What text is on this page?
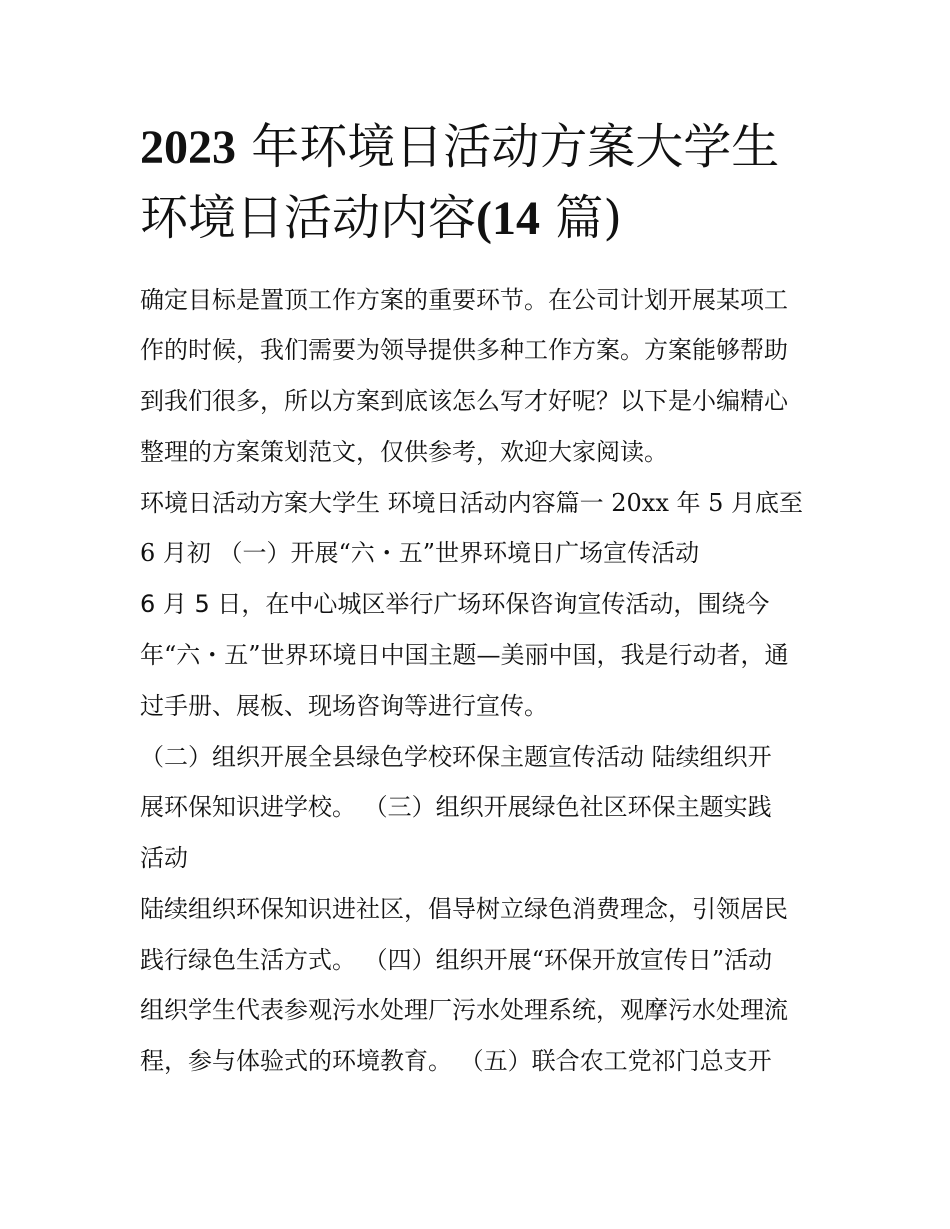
2023 年环境日活动方案大学生
环境日活动内容(14 篇)

确定目标是置顶工作方案的重要环节。在公司计划开展某项工

作的时候，我们需要为领导提供多种工作方案。方案能够帮助

到我们很多，所以方案到底该怎么写才好呢？以下是小编精心

整理的方案策划范文，仅供参考，欢迎大家阅读。

环境日活动方案大学生 环境日活动内容篇一 20xx 年 5 月底至

6 月初 （一）开展“六・五”世界环境日广场宣传活动

6 月 5 日，在中心城区举行广场环保咨询宣传活动，围绕今

年“六・五”世界环境日中国主题—美丽中国，我是行动者，通

过手册、展板、现场咨询等进行宣传。

（二）组织开展全县绿色学校环保主题宣传活动 陆续组织开

展环保知识进学校。 （三）组织开展绿色社区环保主题实践

活动

陆续组织环保知识进社区，倡导树立绿色消费理念，引领居民

践行绿色生活方式。 （四）组织开展“环保开放宣传日”活动

组织学生代表参观污水处理厂污水处理系统，观摩污水处理流

程，参与体验式的环境教育。 （五）联合农工党祁门总支开
